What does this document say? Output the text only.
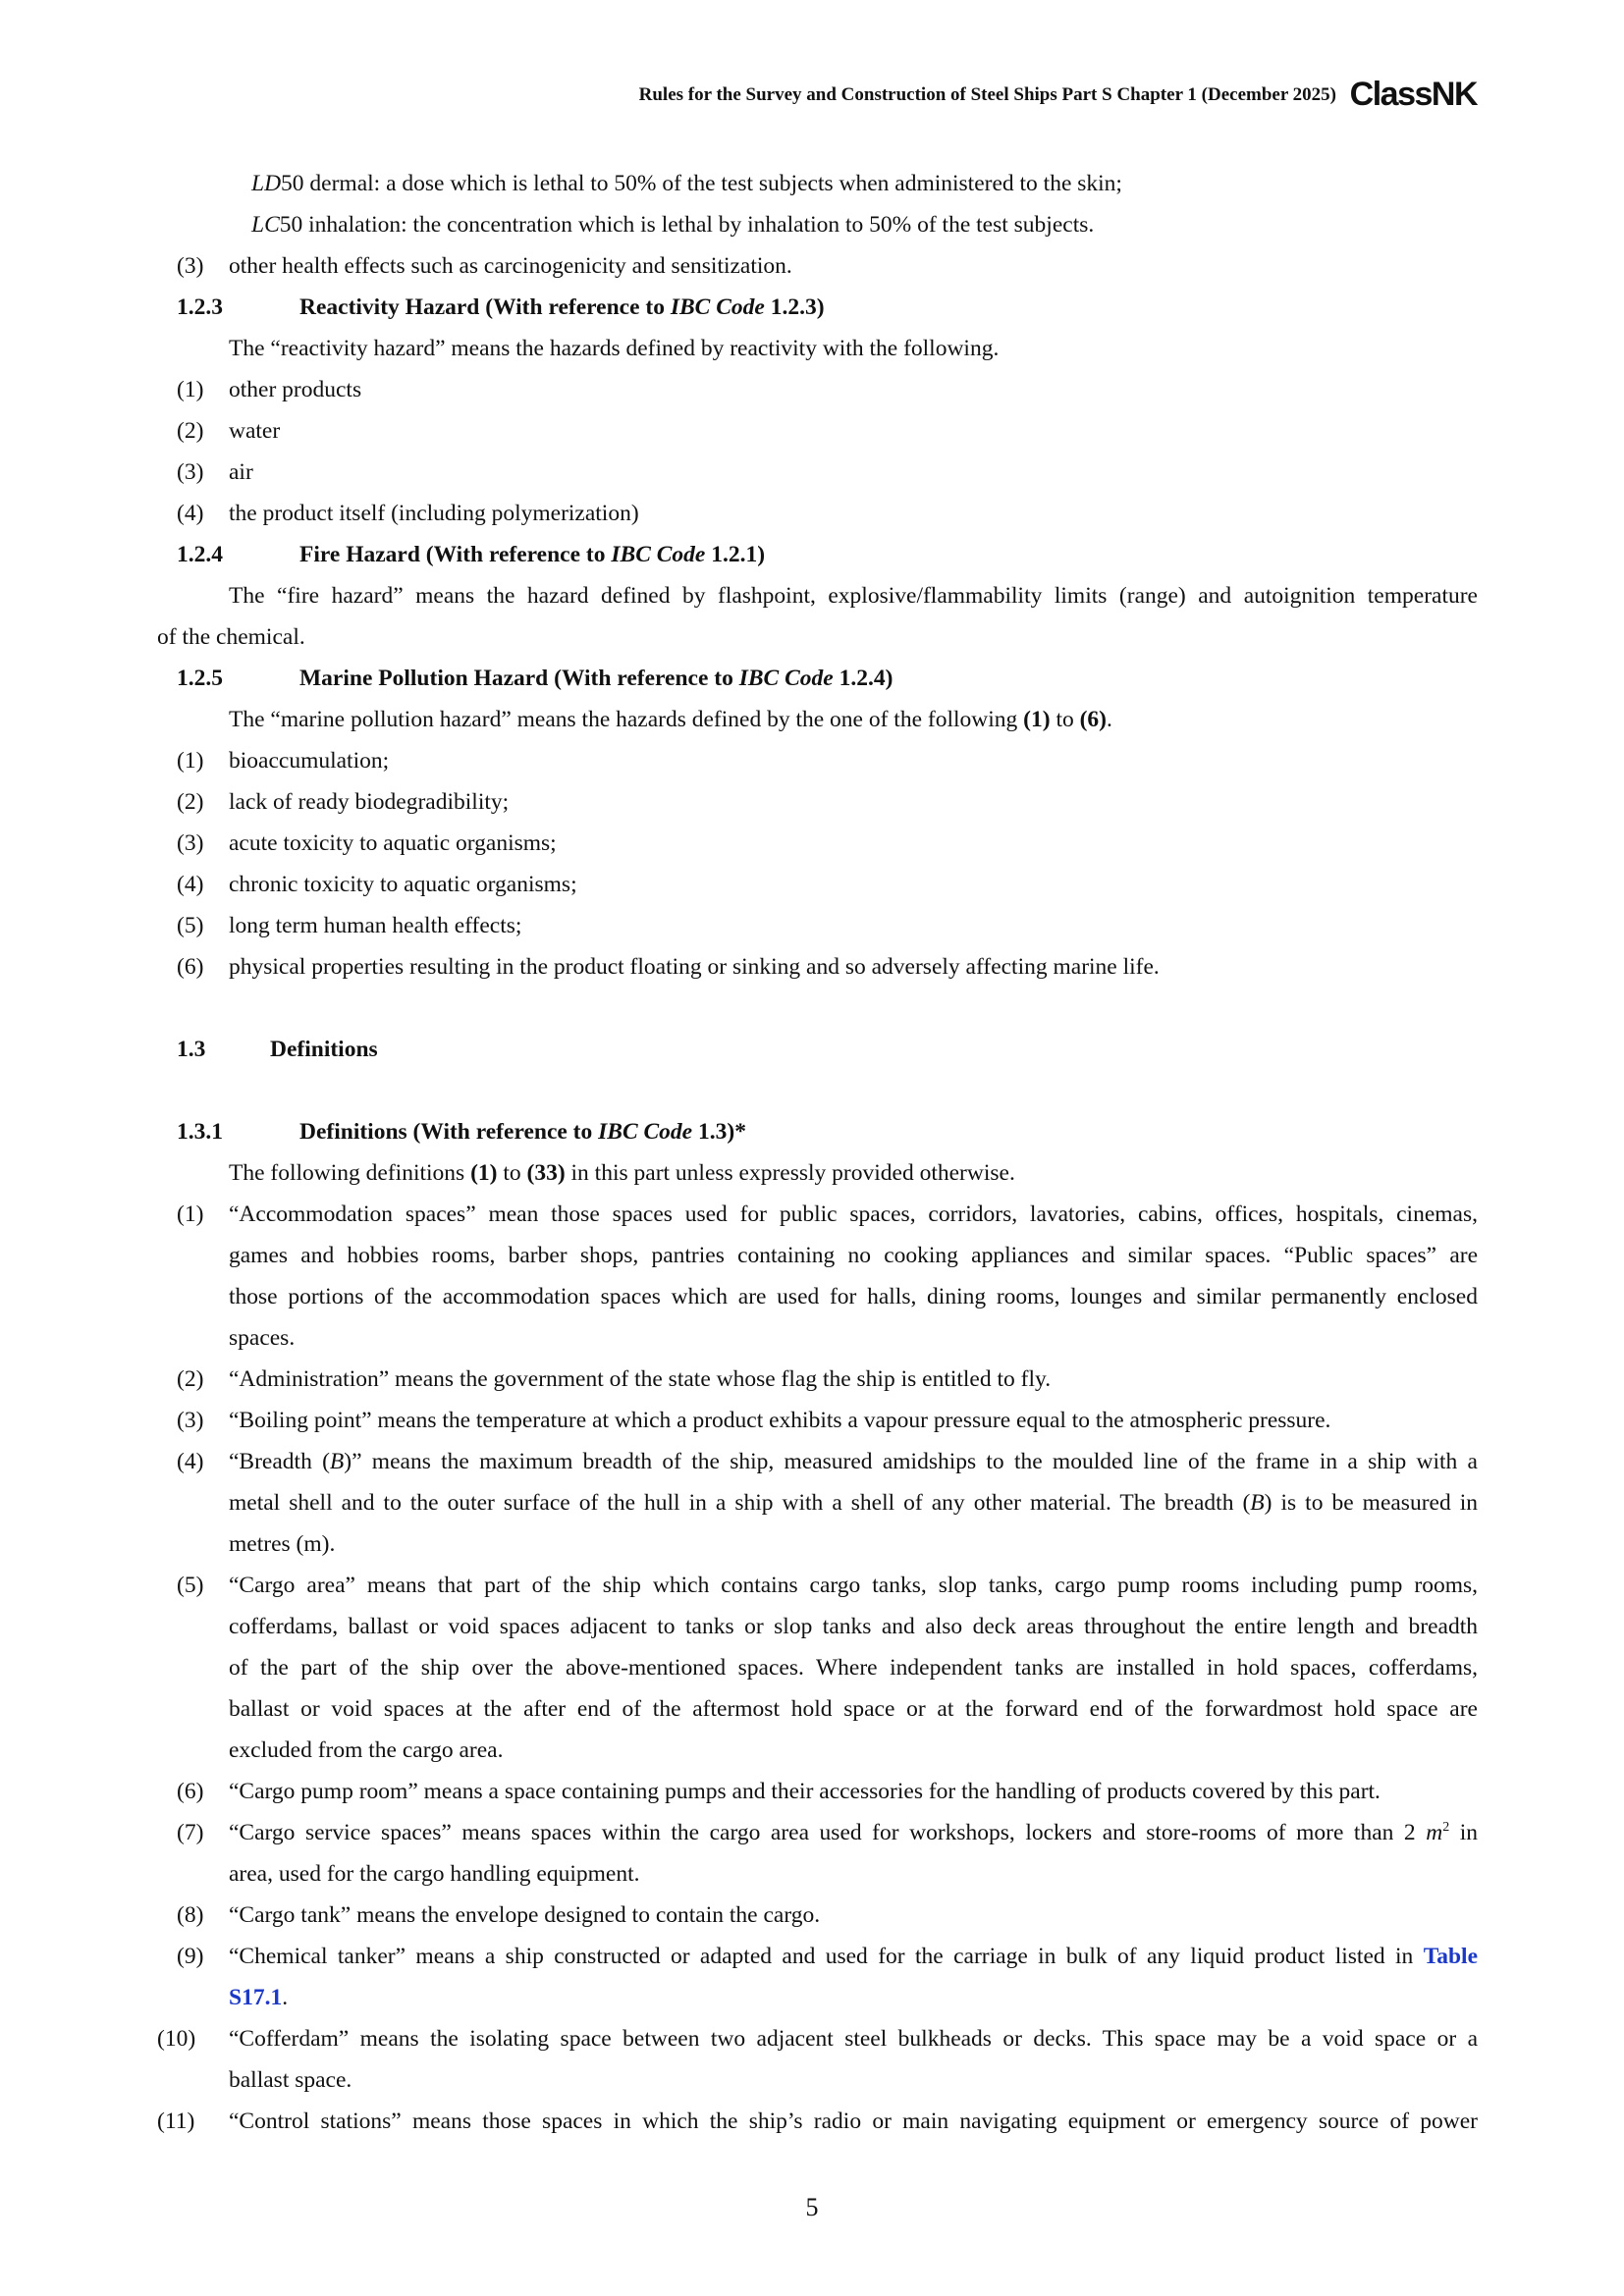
Rules for the Survey and Construction of Steel Ships Part S Chapter 1 (December 2025) ClassNK
LD50 dermal: a dose which is lethal to 50% of the test subjects when administered to the skin;
LC50 inhalation: the concentration which is lethal by inhalation to 50% of the test subjects.
(3) other health effects such as carcinogenicity and sensitization.
1.2.3	Reactivity Hazard (With reference to IBC Code 1.2.3)
The “reactivity hazard” means the hazards defined by reactivity with the following.
(1) other products
(2) water
(3) air
(4) the product itself (including polymerization)
1.2.4	Fire Hazard (With reference to IBC Code 1.2.1)
The “fire hazard” means the hazard defined by flashpoint, explosive/flammability limits (range) and autoignition temperature
of the chemical.
1.2.5	Marine Pollution Hazard (With reference to IBC Code 1.2.4)
The “marine pollution hazard” means the hazards defined by the one of the following (1) to (6).
(1) bioaccumulation;
(2) lack of ready biodegradibility;
(3) acute toxicity to aquatic organisms;
(4) chronic toxicity to aquatic organisms;
(5) long term human health effects;
(6) physical properties resulting in the product floating or sinking and so adversely affecting marine life.
1.3	Definitions
1.3.1	Definitions (With reference to IBC Code 1.3)*
The following definitions (1) to (33) in this part unless expressly provided otherwise.
(1) “Accommodation spaces” mean those spaces used for public spaces, corridors, lavatories, cabins, offices, hospitals, cinemas,
games and hobbies rooms, barber shops, pantries containing no cooking appliances and similar spaces. “Public spaces” are
those portions of the accommodation spaces which are used for halls, dining rooms, lounges and similar permanently enclosed
spaces.
(2) “Administration” means the government of the state whose flag the ship is entitled to fly.
(3) “Boiling point” means the temperature at which a product exhibits a vapour pressure equal to the atmospheric pressure.
(4) “Breadth (B)” means the maximum breadth of the ship, measured amidships to the moulded line of the frame in a ship with a
metal shell and to the outer surface of the hull in a ship with a shell of any other material. The breadth (B) is to be measured in
metres (m).
(5) “Cargo area” means that part of the ship which contains cargo tanks, slop tanks, cargo pump rooms including pump rooms,
cofferdams, ballast or void spaces adjacent to tanks or slop tanks and also deck areas throughout the entire length and breadth
of the part of the ship over the above-mentioned spaces. Where independent tanks are installed in hold spaces, cofferdams,
ballast or void spaces at the after end of the aftermost hold space or at the forward end of the forwardmost hold space are
excluded from the cargo area.
(6) “Cargo pump room” means a space containing pumps and their accessories for the handling of products covered by this part.
(7) “Cargo service spaces” means spaces within the cargo area used for workshops, lockers and store-rooms of more than 2 $m^2$ in
area, used for the cargo handling equipment.
(8) “Cargo tank” means the envelope designed to contain the cargo.
(9) “Chemical tanker” means a ship constructed or adapted and used for the carriage in bulk of any liquid product listed in Table
S17.1.
(10) “Cofferdam” means the isolating space between two adjacent steel bulkheads or decks. This space may be a void space or a
ballast space.
(11) “Control stations” means those spaces in which the ship’s radio or main navigating equipment or emergency source of power
5
